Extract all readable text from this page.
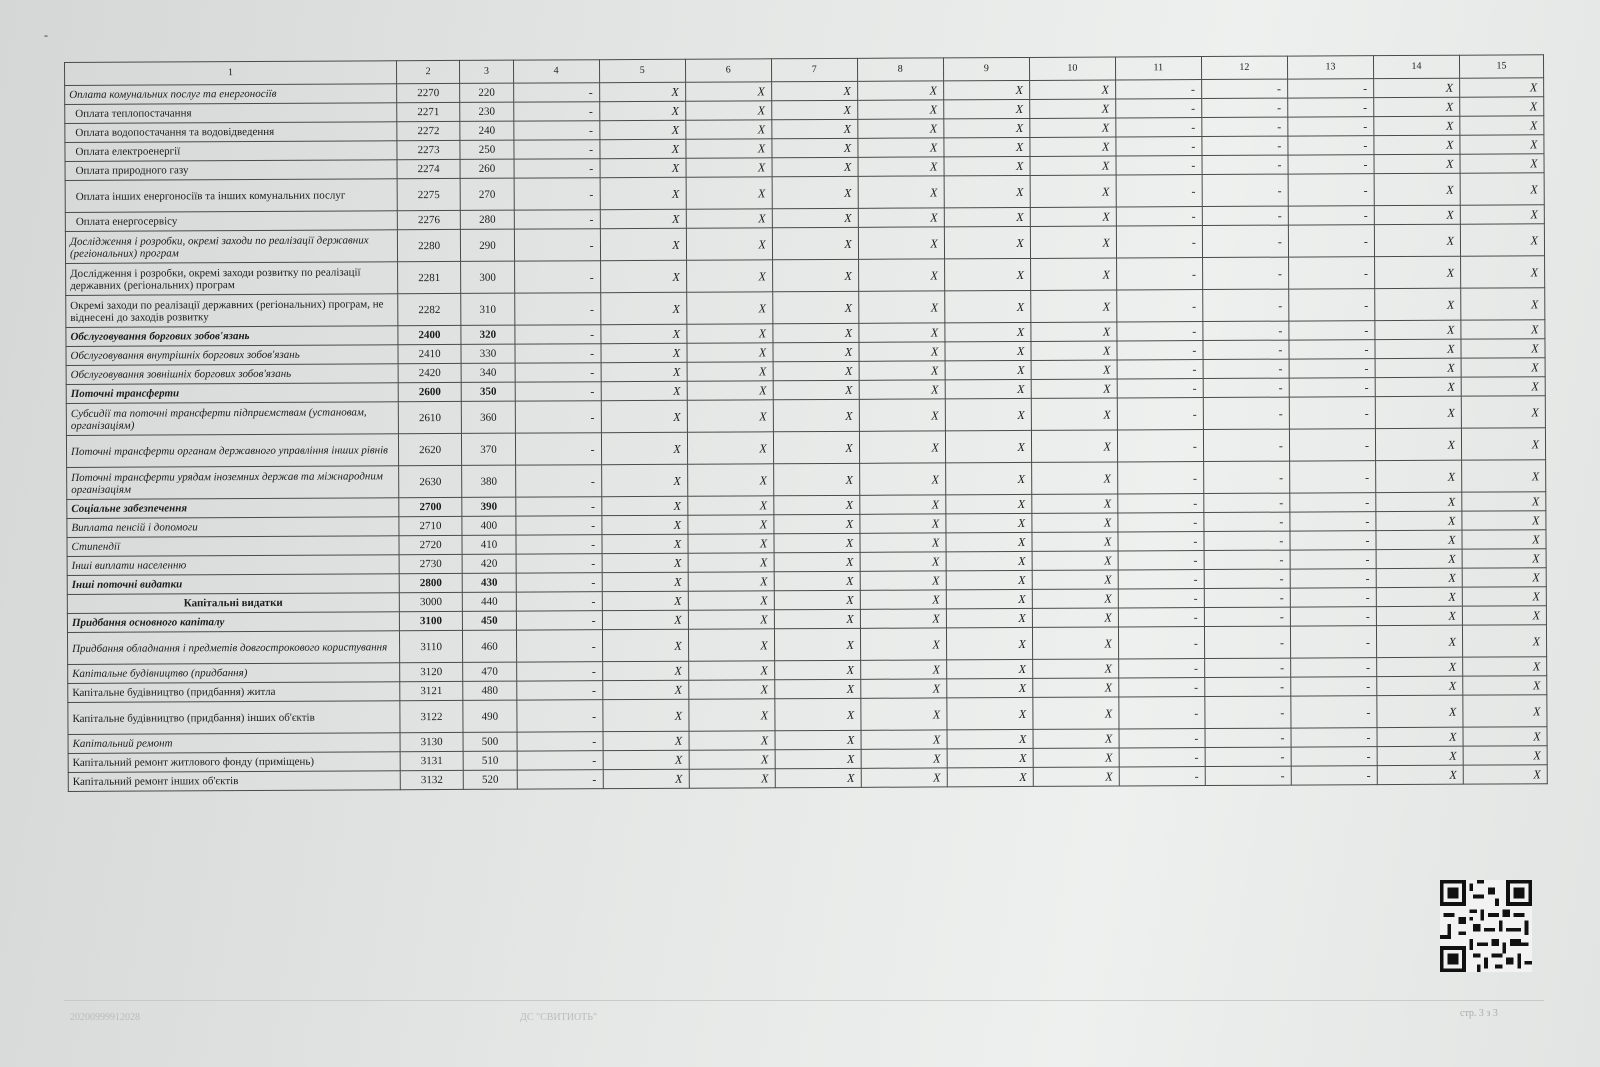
-
1	2	3	4	5	6	7	8	9	10	11	12	13	14	15
Оплата комунальних послуг та енергоносіїв	2270	220	-	X	X	X	X	X	X	-	-	-	X	X
Оплата теплопостачання	2271	230	-	X	X	X	X	X	X	-	-	-	X	X
Оплата водопостачання та водовідведення	2272	240	-	X	X	X	X	X	X	-	-	-	X	X
Оплата електроенергії	2273	250	-	X	X	X	X	X	X	-	-	-	X	X
Оплата природного газу	2274	260	-	X	X	X	X	X	X	-	-	-	X	X
Оплата інших енергоносіїв та інших комунальних послуг	2275	270	-	X	X	X	X	X	X	-	-	-	X	X
Оплата енергосервісу	2276	280	-	X	X	X	X	X	X	-	-	-	X	X
Дослідження і розробки, окремі заходи по реалізації державних (регіональних) програм	2280	290	-	X	X	X	X	X	X	-	-	-	X	X
Дослідження і розробки, окремі заходи розвитку по реалізації державних (регіональних) програм	2281	300	-	X	X	X	X	X	X	-	-	-	X	X
Окремі заходи по реалізації державних (регіональних) програм, не віднесені до заходів розвитку	2282	310	-	X	X	X	X	X	X	-	-	-	X	X
Обслуговування боргових зобов'язань	2400	320	-	X	X	X	X	X	X	-	-	-	X	X
Обслуговування внутрішніх боргових зобов'язань	2410	330	-	X	X	X	X	X	X	-	-	-	X	X
Обслуговування зовнішніх боргових зобов'язань	2420	340	-	X	X	X	X	X	X	-	-	-	X	X
Поточні трансферти	2600	350	-	X	X	X	X	X	X	-	-	-	X	X
Субсидії та поточні трансферти підприємствам (установам, організаціям)	2610	360	-	X	X	X	X	X	X	-	-	-	X	X
Поточні трансферти органам державного управління інших рівнів	2620	370	-	X	X	X	X	X	X	-	-	-	X	X
Поточні трансферти урядам іноземних держав та міжнародним організаціям	2630	380	-	X	X	X	X	X	X	-	-	-	X	X
Соціальне забезпечення	2700	390	-	X	X	X	X	X	X	-	-	-	X	X
Виплата пенсій і допомоги	2710	400	-	X	X	X	X	X	X	-	-	-	X	X
Стипендії	2720	410	-	X	X	X	X	X	X	-	-	-	X	X
Інші виплати населенню	2730	420	-	X	X	X	X	X	X	-	-	-	X	X
Інші поточні видатки	2800	430	-	X	X	X	X	X	X	-	-	-	X	X
Капітальні видатки	3000	440	-	X	X	X	X	X	X	-	-	-	X	X
Придбання основного капіталу	3100	450	-	X	X	X	X	X	X	-	-	-	X	X
Придбання обладнання і предметів довгострокового користування	3110	460	-	X	X	X	X	X	X	-	-	-	X	X
Капітальне будівництво (придбання)	3120	470	-	X	X	X	X	X	X	-	-	-	X	X
Капітальне будівництво (придбання) житла	3121	480	-	X	X	X	X	X	X	-	-	-	X	X
Капітальне будівництво (придбання) інших об'єктів	3122	490	-	X	X	X	X	X	X	-	-	-	X	X
Капітальний ремонт	3130	500	-	X	X	X	X	X	X	-	-	-	X	X
Капітальний ремонт житлового фонду (приміщень)	3131	510	-	X	X	X	X	X	X	-	-	-	X	X
Капітальний ремонт інших об'єктів	3132	520	-	X	X	X	X	X	X	-	-	-	X	X
20200999912028	ДС "СВИТИОТЬ"	стр. 3 з 3
